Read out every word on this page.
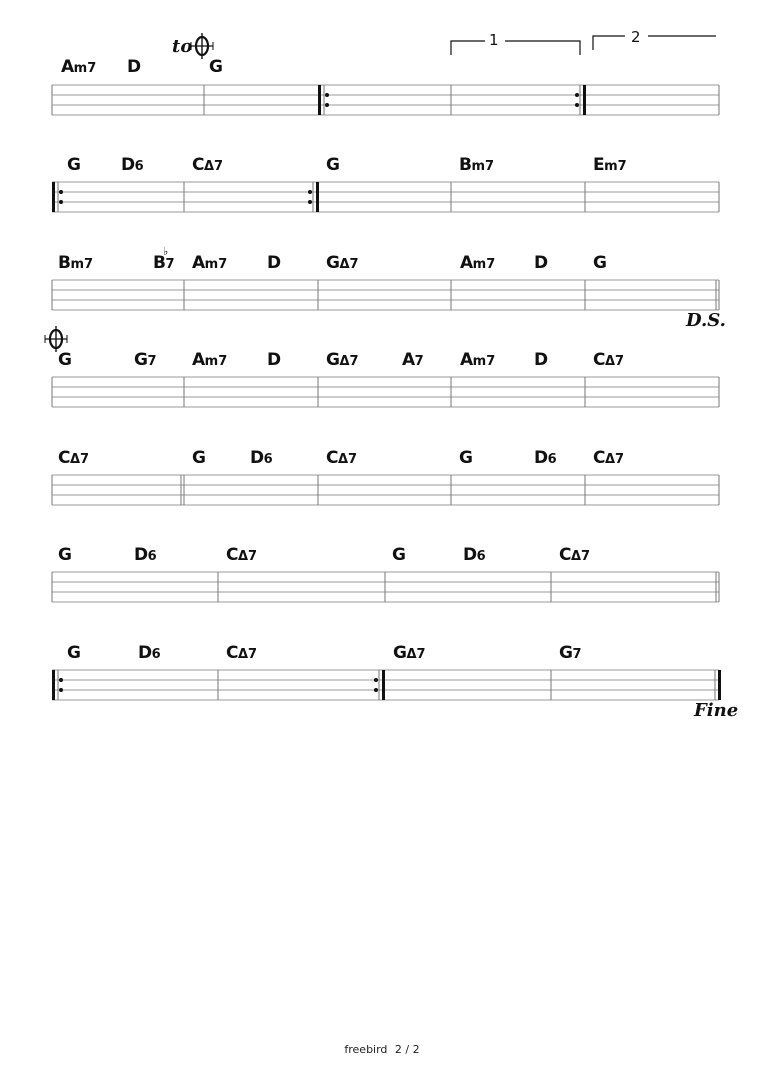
to
D.S.
Fine
1	2
freebird 2 / 2
Am7 D	G
G D6	CΔ7	G	Bm7	Em7
Bm7	B7
♭
Am7 D	GΔ7	Am7 D	G
G	G7 Am7 D	GΔ7	A7 Am7 D	CΔ7
CΔ7	G	D6	CΔ7	G	D6 CΔ7
G	D6	CΔ7	G	D6	CΔ7
G	D6	CΔ7	GΔ7	G7
